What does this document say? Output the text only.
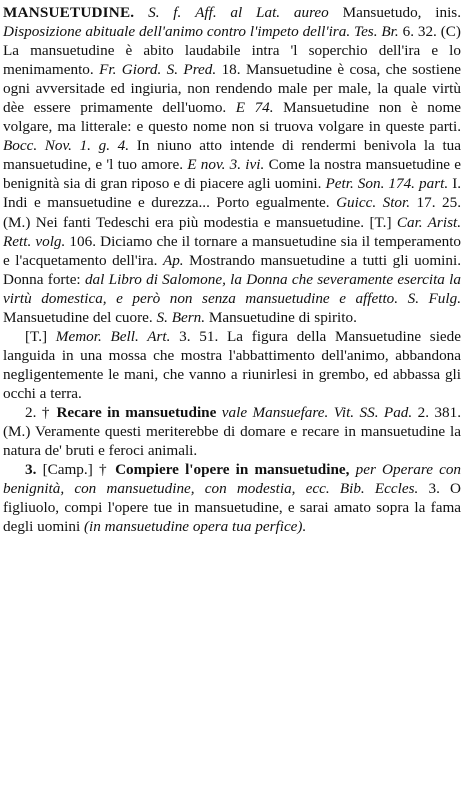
MANSUETUDINE. S. f. Aff. al Lat. aureo Mansuetudo, inis. Disposizione abituale dell'animo contro l'impeto dell'ira. Tes. Br. 6. 32. (C) La mansuetudine è abito laudabile intra 'l soperchio dell'ira e lo menimamento. Fr. Giord. S. Pred. 18. Mansuetudine è cosa, che sostiene ogni avversitade ed ingiuria, non rendendo male per male, la quale virtù dèe essere primamente dell'uomo. E 74. Mansuetudine non è nome volgare, ma litterale: e questo nome non si truova volgare in queste parti. Bocc. Nov. 1. g. 4. In niuno atto intende di rendermi benivola la tua mansuetudine, e 'l tuo amore. E nov. 3. ivi. Come la nostra mansuetudine e benignità sia di gran riposo e di piacere agli uomini. Petr. Son. 174. part. I. Indi e mansuetudine e durezza... Porto egualmente. Guicc. Stor. 17. 25. (M.) Nei fanti Tedeschi era più modestia e mansuetudine. [T.] Car. Arist. Rett. volg. 106. Diciamo che il tornare a mansuetudine sia il temperamento e l'acquetamento dell'ira. Ap. Mostrando mansuetudine a tutti gli uomini. Donna forte: dal Libro di Salomone, la Donna che severamente esercita la virtù domestica, e però non senza mansuetudine e affetto. S. Fulg. Mansuetudine del cuore. S. Bern. Mansuetudine di spirito.

[T.] Memor. Bell. Art. 3. 51. La figura della Mansuetudine siede languida in una mossa che mostra l'abbattimento dell'animo, abbandona negligentemente le mani, che vanno a riunirlesi in grembo, ed abbassa gli occhi a terra.

2. † Recare in mansuetudine vale Mansuefare. Vit. SS. Pad. 2. 381. (M.) Veramente questi meriterebbe di domare e recare in mansuetudine la natura de' bruti e feroci animali.

3. [Camp.] † Compiere l'opere in mansuetudine, per Operare con benignità, con mansuetudine, con modestia, ecc. Bib. Eccles. 3. O figliuolo, compi l'opere tue in mansuetudine, e sarai amato sopra la fama degli uomini (in mansuetudine opera tua perfice).
